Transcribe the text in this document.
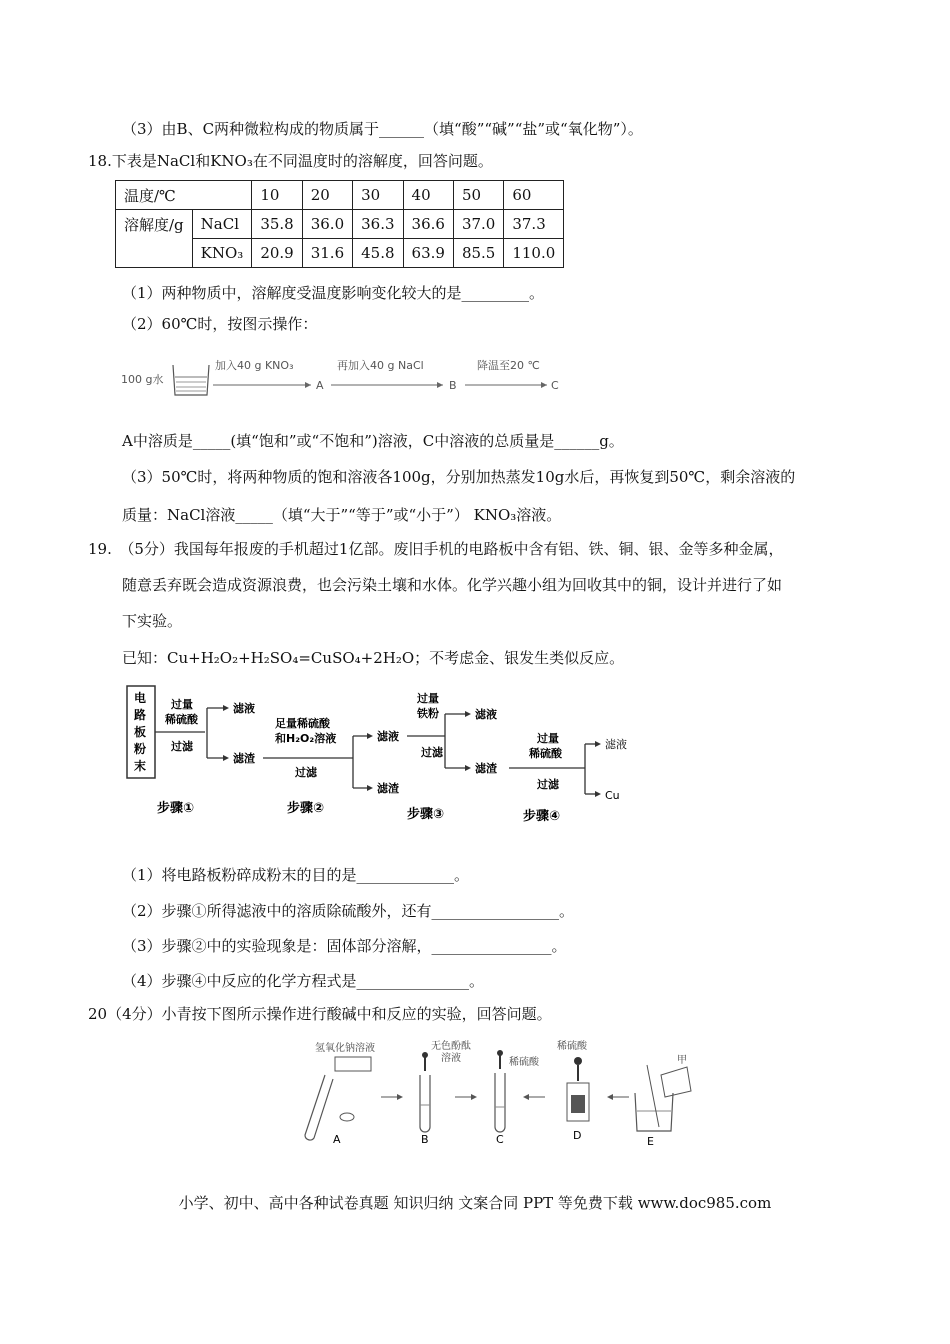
（3）由B、C两种微粒构成的物质属于______（填“酸”“碱”“盐”或“氧化物”）。
18.下表是NaCl和KNO₃在不同温度时的溶解度，回答问题。
温度/℃		10	20	30	40	50	60
溶解度/g	NaCl	35.8	36.0	36.3	36.6	37.0	37.3
	KNO₃	20.9	31.6	45.8	63.9	85.5	110.0
（1）两种物质中，溶解度受温度影响变化较大的是_________。
（2）60℃时，按图示操作：
100 g水
加入40 g KNO₃
A
再加入40 g NaCl
B
降温至20 ℃
C
A中溶质是_____(填“饱和”或“不饱和”)溶液，C中溶液的总质量是______g。
（3）50℃时，将两种物质的饱和溶液各100g，分别加热蒸发10g水后，再恢复到50℃，剩余溶液的
质量：NaCl溶液_____（填“大于”“等于”或“小于”） KNO₃溶液。
19.　（5分）我国每年报废的手机超过1亿部。废旧手机的电路板中含有铝、铁、铜、银、金等多种金属，
随意丢弃既会造成资源浪费，也会污染土壤和水体。化学兴趣小组为回收其中的铜，设计并进行了如
下实验。
已知：Cu+H₂O₂+H₂SO₄=CuSO₄+2H₂O；不考虑金、银发生类似反应。
电
路
板
粉
末
过量
稀硫酸
过滤
滤液
滤渣
足量稀硫酸
和H₂O₂溶液
过滤
滤液
滤渣
过量
铁粉
过滤
滤液
滤渣
过量
稀硫酸
过滤
滤液
Cu
步骤①	步骤②	步骤③	步骤④
（1）将电路板粉碎成粉末的目的是_____________。
（2）步骤①所得滤液中的溶质除硫酸外，还有_________________。
（3）步骤②中的实验现象是：固体部分溶解，________________。
（4）步骤④中反应的化学方程式是_______________。
20（4分）小青按下图所示操作进行酸碱中和反应的实验，回答问题。
氢氧化钠溶液
A	B
无色酚酞
溶液	稀硫酸
C
稀硫酸
D
甲
E
小学、初中、高中各种试卷真题 知识归纳 文案合同 PPT 等免费下载 www.doc985.com
